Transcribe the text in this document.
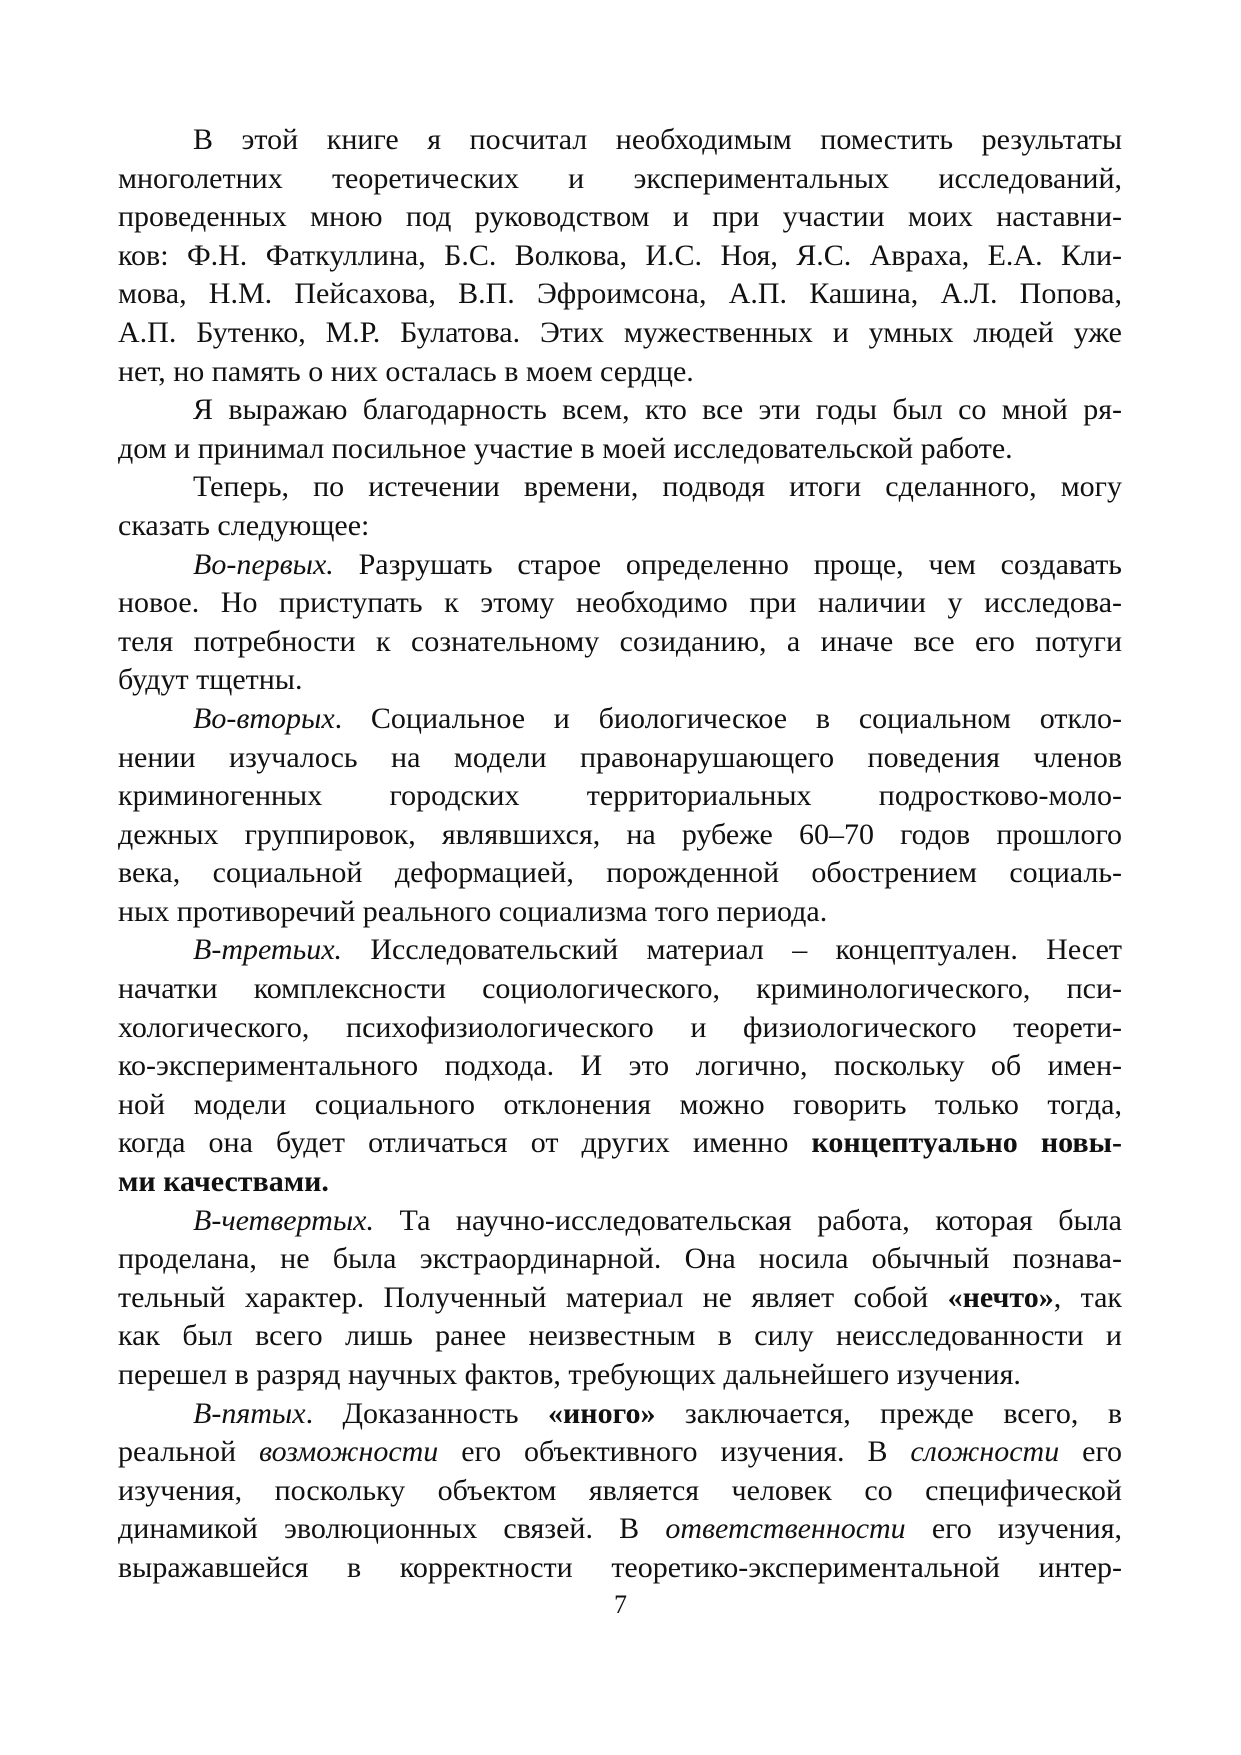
В этой книге я посчитал необходимым поместить результаты
многолетних теоретических и экспериментальных исследований,
проведенных мною под руководством и при участии моих наставни-
ков: Ф.Н. Фаткуллина, Б.С. Волкова, И.С. Ноя, Я.С. Авраха, Е.А. Кли-
мова, Н.М. Пейсахова, В.П. Эфроимсона, А.П. Кашина, А.Л. Попова,
А.П. Бутенко, М.Р. Булатова. Этих мужественных и умных людей уже
нет, но память о них осталась в моем сердце.
Я выражаю благодарность всем, кто все эти годы был со мной ря-
дом и принимал посильное участие в моей исследовательской работе.
Теперь, по истечении времени, подводя итоги сделанного, могу
сказать следующее:
Во-первых. Разрушать старое определенно проще, чем создавать
новое. Но приступать к этому необходимо при наличии у исследова-
теля потребности к сознательному созиданию, а иначе все его потуги
будут тщетны.
Во-вторых. Социальное и биологическое в социальном откло-
нении изучалось на модели правонарушающего поведения членов
криминогенных городских территориальных подростково-моло-
дежных группировок, являвшихся, на рубеже 60–70 годов прошлого
века, социальной деформацией, порожденной обострением социаль-
ных противоречий реального социализма того периода.
В-третьих. Исследовательский материал – концептуален. Несет
начатки комплексности социологического, криминологического, пси-
хологического, психофизиологического и физиологического теорети-
ко-экспериментального подхода. И это логично, поскольку об имен-
ной модели социального отклонения можно говорить только тогда,
когда она будет отличаться от других именно концептуально новы-
ми качествами.
В-четвертых. Та научно-исследовательская работа, которая была
проделана, не была экстраординарной. Она носила обычный познава-
тельный характер. Полученный материал не являет собой «нечто», так
как был всего лишь ранее неизвестным в силу неисследованности и
перешел в разряд научных фактов, требующих дальнейшего изучения.
В-пятых. Доказанность «иного» заключается, прежде всего, в
реальной возможности его объективного изучения. В сложности его
изучения, поскольку объектом является человек со специфической
динамикой эволюционных связей. В ответственности его изучения,
выражавшейся в корректности теоретико-экспериментальной интер-
7
